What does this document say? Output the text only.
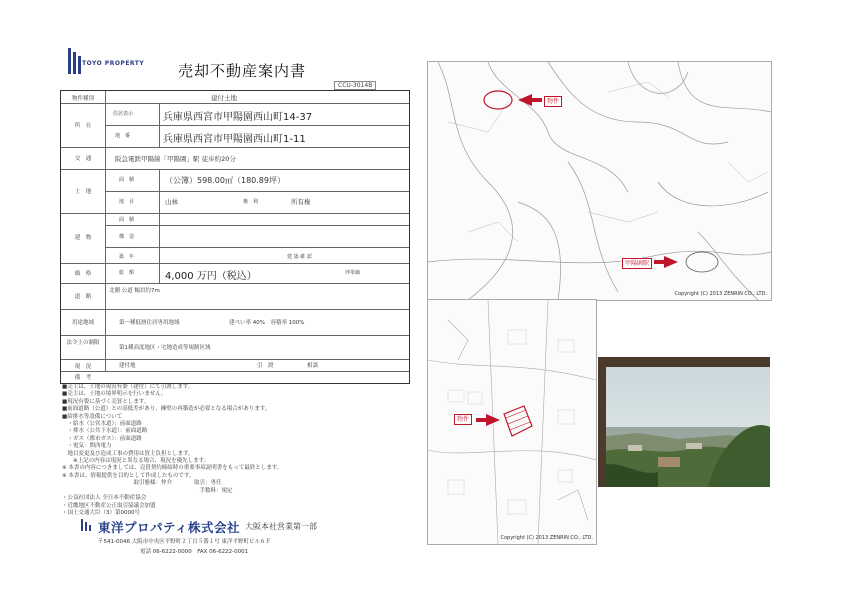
TOYO PROPERTY 売却不動産案内書
CCU-3014B
物件種別	建付土地
所　在
住居表示	兵庫県西宮市甲陽園西山町14-37
地　番	兵庫県西宮市甲陽園西山町1-11
交　通	阪急電鉄甲陽線「甲陽園」駅 徒歩約20分
土　地
面　積	（公簿）598.00㎡（180.89坪）
地　目	山林	権　利	所有権
建　物
面　積
構　造
築　年	建 築 確 認
価　格	総　額	4,000 万円（税込）	坪単価
道　路
北側 公道 幅員約7m
用途地域	第一種低層住居専用地域	建ぺい率 40%　容積率 100%
法令上の制限
第1種高度地区・宅地造成等規制区域
現　況	建付地	引　渡	相談
備　考
■売主は、土地の現況有姿（建付）にて引渡します。
■売主は、土地の境界明示を行いません。
■現況有姿に基づく売買とします。
■前面道路（公道）との高低差があり、擁壁の再築造が必要となる場合があります。
■給排水等設備について
　・給水（公営水道）：前面道路
　・排水（公共下水道）：前面道路
　・ガス（都市ガス）：前面道路
　・電気：関西電力
　地目変更及び造成工事の費用は買主負担とします。
　　※上記の内容は現況と異なる場合、現況を優先します。
※ 本書の内容につきましては、売買契約締結時の重要事項説明書をもって最終とします。
※ 本書は、情報提供を目的として作成したものです。
　　　　　　　　　　　　　取引態様：仲介　　　　取引：専任
　　　　　　　　　　　　　　　　　　　　　　　　　手数料：規定
・公益社団法人 全日本不動産協会
・近畿地区不動産公正取引協議会加盟
・国土交通大臣（3）第0000号
東洋プロパティ株式会社 大阪本社営業第一部
〒541-0046 大阪市中央区平野町２丁目５番１号 東洋平野町ビル６Ｆ
電話 06-6222-0000　FAX 06-6222-0001
物件
甲陽園駅
Copyright (C) 2013 ZENRIN CO., LTD.
物件
Copyright (C) 2013 ZENRIN CO., LTD.
